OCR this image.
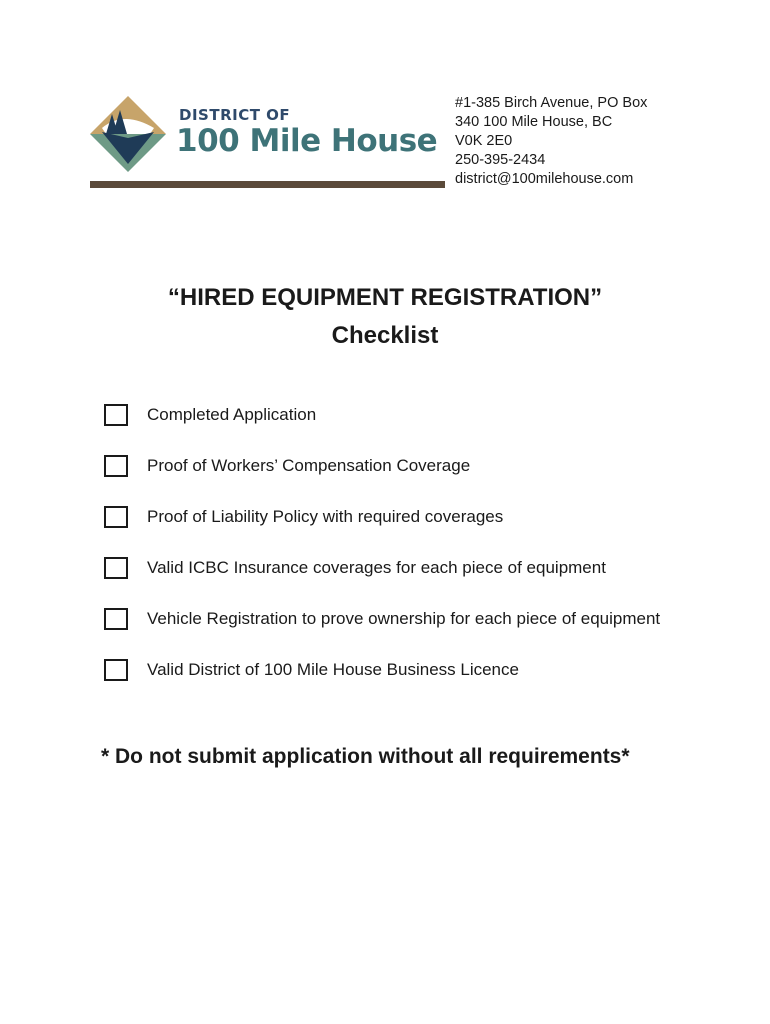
DISTRICT OF
100 Mile House
#1-385 Birch Avenue, PO Box
340 100 Mile House, BC
V0K 2E0
250-395-2434
district@100milehouse.com
“HIRED EQUIPMENT REGISTRATION”
Checklist
Completed Application
Proof of Workers’ Compensation Coverage
Proof of Liability Policy with required coverages
Valid ICBC Insurance coverages for each piece of equipment
Vehicle Registration to prove ownership for each piece of equipment
Valid District of 100 Mile House Business Licence
* Do not submit application without all requirements*
